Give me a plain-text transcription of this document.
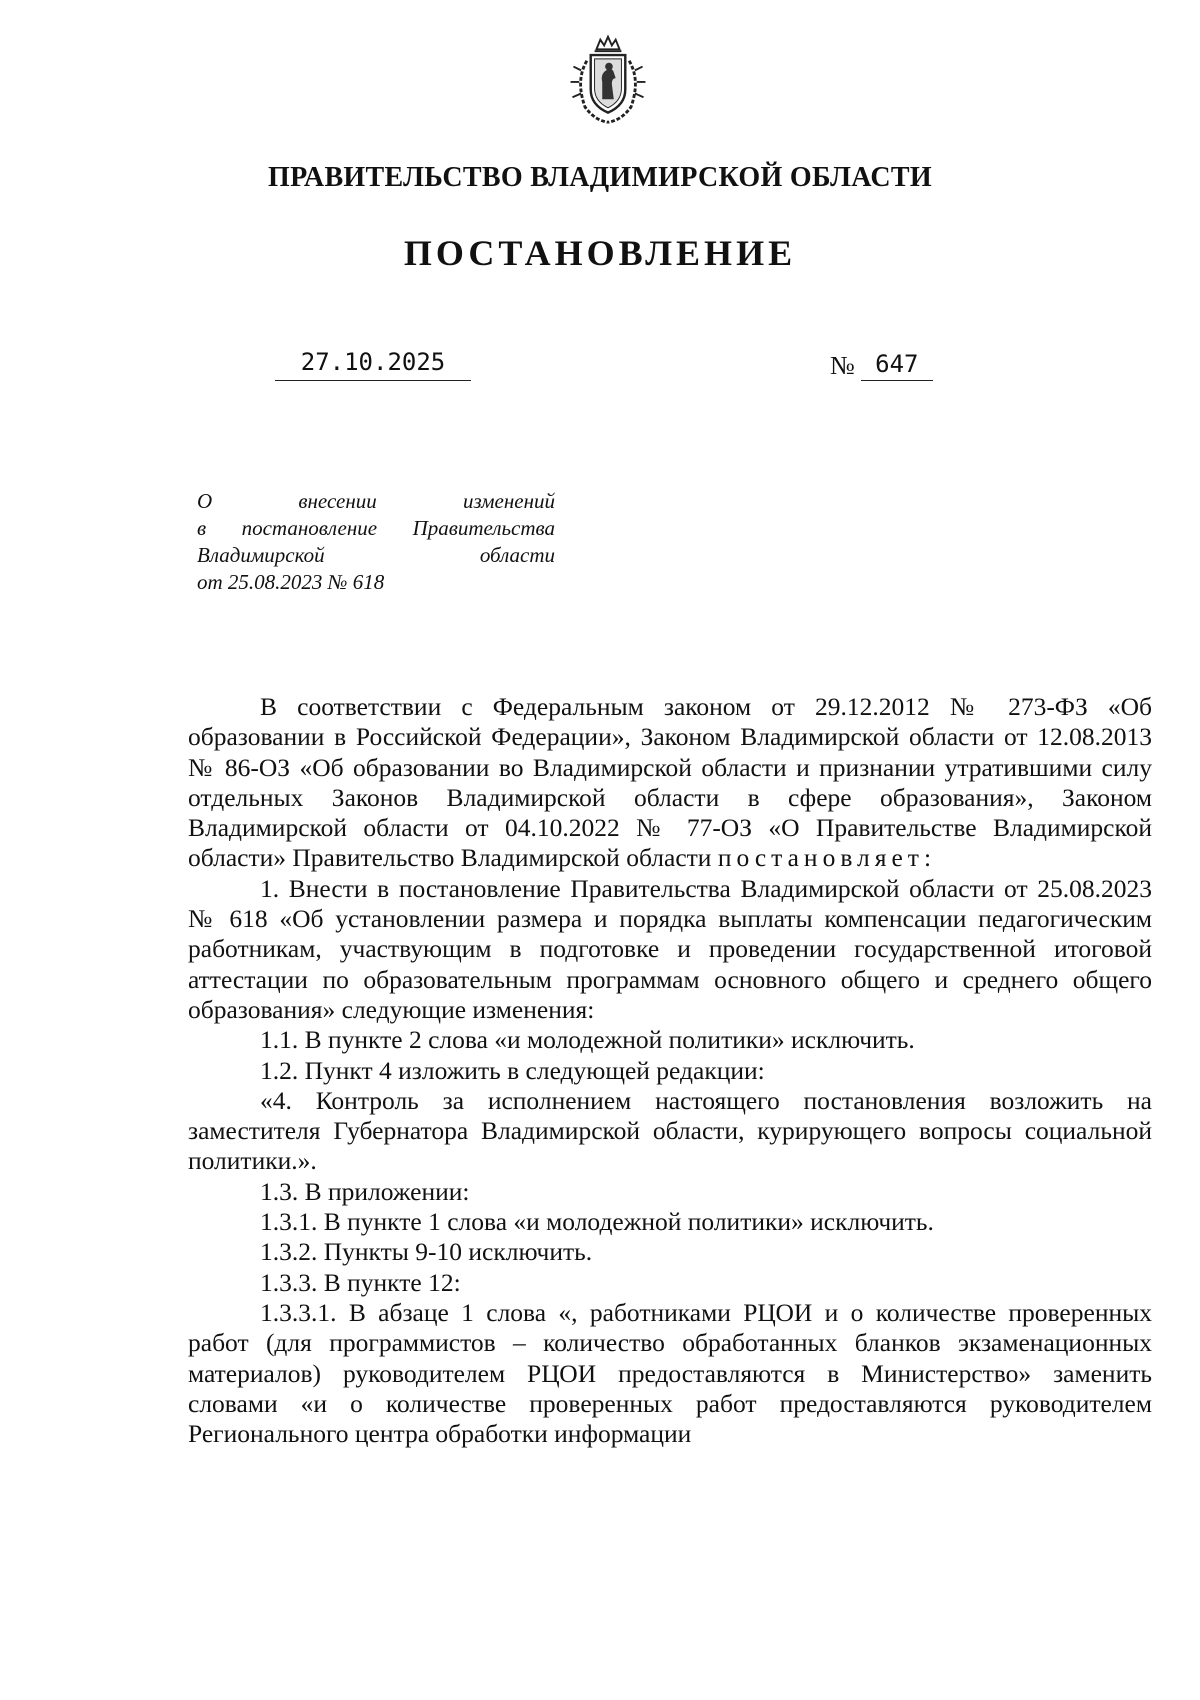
ПРАВИТЕЛЬСТВО ВЛАДИМИРСКОЙ ОБЛАСТИ
ПОСТАНОВЛЕНИЕ
27.10.2025	№ 647
О внесении изменений
в постановление Правительства
Владимирской области
от 25.08.2023 № 618

В соответствии с Федеральным законом от 29.12.2012 № 273-ФЗ «Об образовании в Российской Федерации», Законом Владимирской области от 12.08.2013 № 86-ОЗ «Об образовании во Владимирской области и признании утратившими силу отдельных Законов Владимирской области в сфере образования», Законом Владимирской области от 04.10.2022 № 77-ОЗ «О Правительстве Владимирской области» Правительство Владимирской области постановляет:

1. Внести в постановление Правительства Владимирской области от 25.08.2023 № 618 «Об установлении размера и порядка выплаты компенсации педагогическим работникам, участвующим в подготовке и проведении государственной итоговой аттестации по образовательным программам основного общего и среднего общего образования» следующие изменения:

1.1. В пункте 2 слова «и молодежной политики» исключить.

1.2. Пункт 4 изложить в следующей редакции:

«4. Контроль за исполнением настоящего постановления возложить на заместителя Губернатора Владимирской области, курирующего вопросы социальной политики.».

1.3. В приложении:

1.3.1. В пункте 1 слова «и молодежной политики» исключить.

1.3.2. Пункты 9-10 исключить.

1.3.3. В пункте 12:

1.3.3.1. В абзаце 1 слова «, работниками РЦОИ и о количестве проверенных работ (для программистов – количество обработанных бланков экзаменационных материалов) руководителем РЦОИ предоставляются в Министерство» заменить словами «и о количестве проверенных работ предоставляются руководителем Регионального центра обработки информации
